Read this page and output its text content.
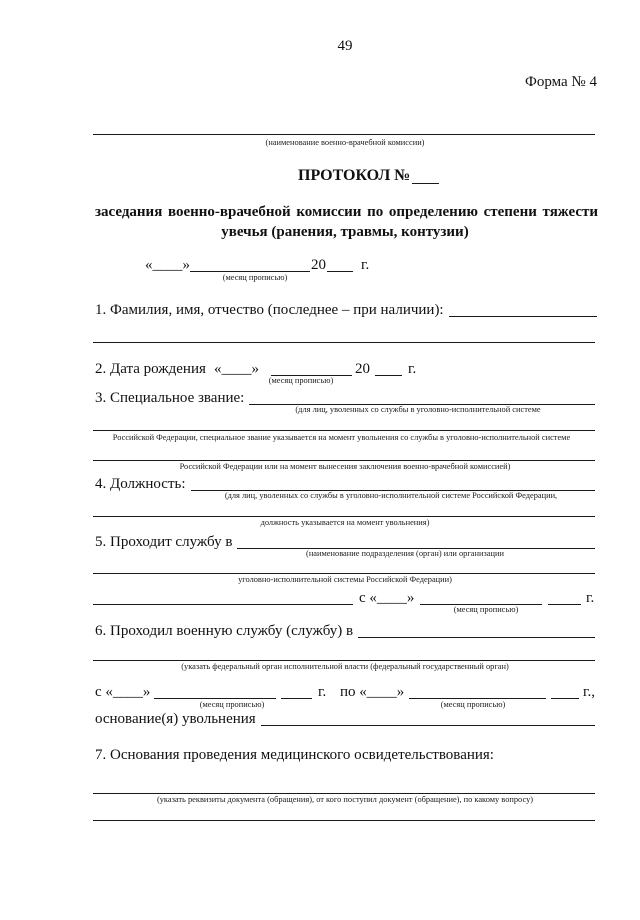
49
Форма № 4
(наименование военно-врачебной комиссии)
ПРОТОКОЛ №
заседания военно-врачебной комиссии по определению степени тяжести
увечья (ранения, травмы, контузии)
«____»	20 г.
(месяц прописью)
1. Фамилия, имя, отчество (последнее – при наличии):
2. Дата рождения «____»	20	г.
(месяц прописью)
3. Специальное звание:
(для лиц, уволенных со службы в уголовно-исполнительной системе
Российской Федерации, специальное звание указывается на момент увольнения со службы в уголовно-исполнительной системе
Российской Федерации или на момент вынесения заключения военно-врачебной комиссией)
4. Должность:
(для лиц, уволенных со службы в уголовно-исполнительной системе Российской Федерации,
должность указывается на момент увольнения)
5. Проходит службу в
(наименование подразделения (орган) или организации
уголовно-исполнительной системы Российской Федерации)
с «____»	г.
(месяц прописью)
6. Проходил военную службу (службу) в
(указать федеральный орган исполнительной власти (федеральный государственный орган)
с «____»	г. по «____»	г.,
(месяц прописью)	(месяц прописью)
основание(я) увольнения
7. Основания проведения медицинского освидетельствования:
(указать реквизиты документа (обращения), от кого поступил документ (обращение), по какому вопросу)
